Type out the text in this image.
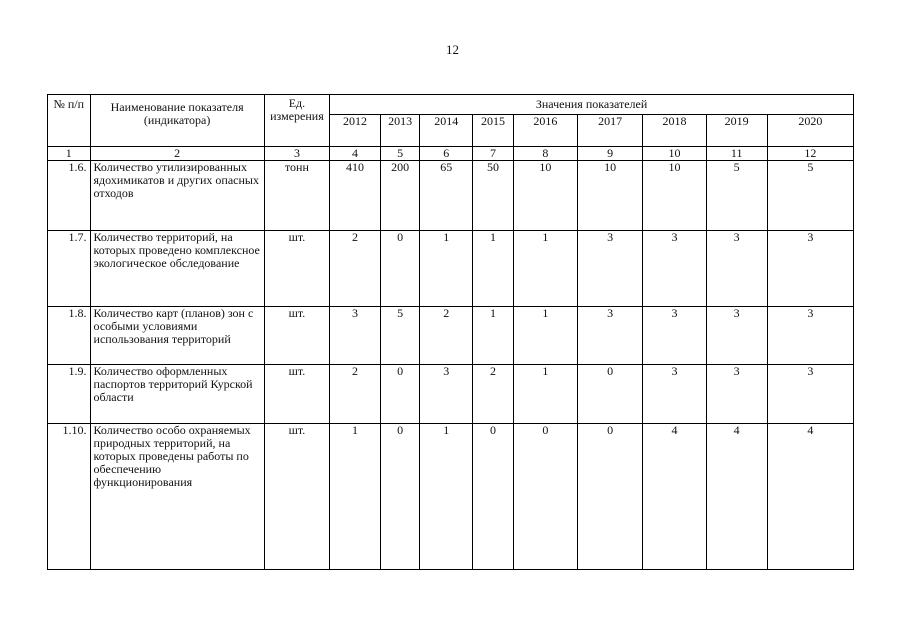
12
№ п/п	Наименование показателя (индикатора)	Ед. измерения	Значения показателей								
			2012	2013	2014	2015	2016	2017	2018	2019	2020
1	2	3	4	5	6	7	8	9	10	11	12
1.6.	Количество утилизированных ядохимикатов и других опасных отходов	тонн	410	200	65	50	10	10	10	5	5
1.7.	Количество территорий, на которых проведено комплексное экологическое обследование	шт.	2	0	1	1	1	3	3	3	3
1.8.	Количество карт (планов) зон с особыми условиями использования территорий	шт.	3	5	2	1	1	3	3	3	3
1.9.	Количество оформленных паспортов территорий Курской области	шт.	2	0	3	2	1	0	3	3	3
1.10.	Количество особо охраняемых природных территорий, на которых проведены работы по обеспечению функционирования	шт.	1	0	1	0	0	0	4	4	4
